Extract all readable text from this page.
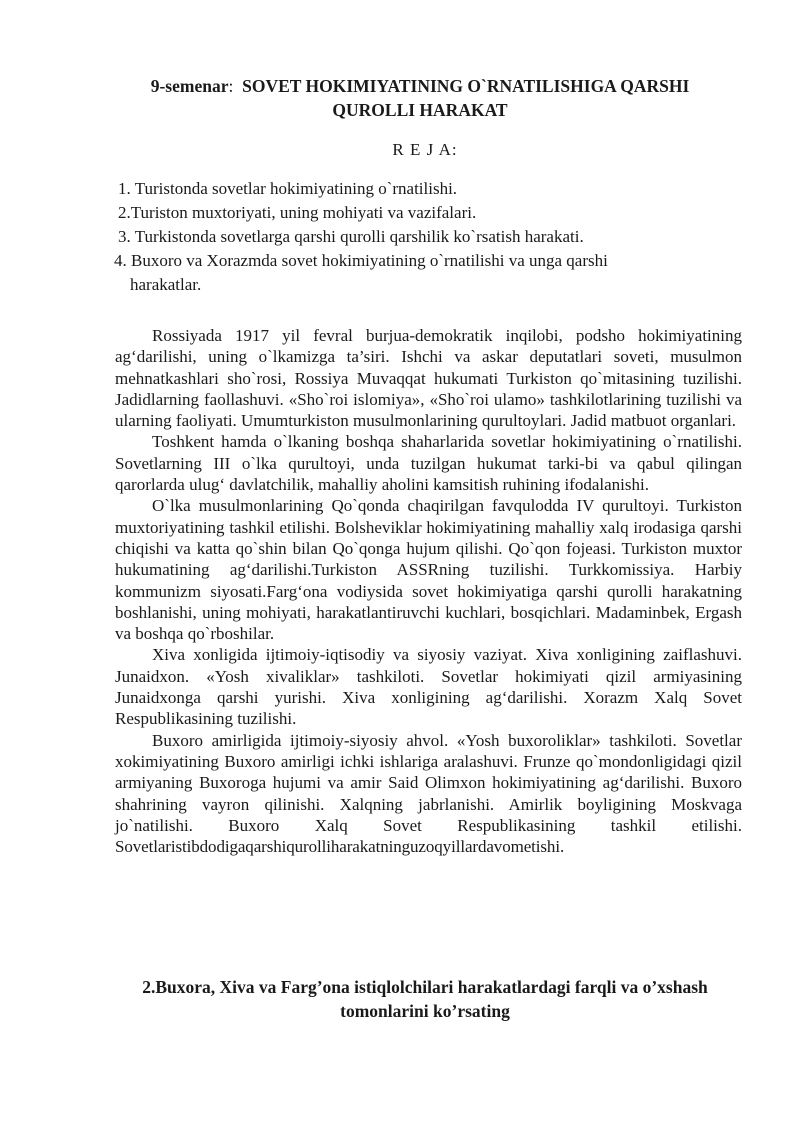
9-semenar: SOVET HOKIMIYATINING O`RNATILISHIGA QARSHI
QUROLLI HARAKAT
R E J A:
1. Turistonda sovetlar hokimiyatining o`rnatilishi.
2.Turiston muxtoriyati, uning mohiyati va vazifalari.
3. Turkistonda sovetlarga qarshi qurolli qarshilik ko`rsatish harakati.
4. Buxoro va Xorazmda sovet hokimiyatining o`rnatilishi va unga qarshi
harakatlar.

Rossiyada 1917 yil fevral burjua-demokratik inqilobi, podsho hokimiyatining ag‘darilishi, uning o`lkamizga ta’siri. Ishchi va askar deputatlari soveti, musulmon mehnatkashlari sho`rosi, Rossiya Muvaqqat hukumati Turkiston qo`mitasining tuzilishi. Jadidlarning faollashuvi. «Sho`roi islomiya», «Sho`roi ulamo» tashkilotlarining tuzilishi va ularning faoliyati. Umumturkiston musulmonlarining qurultoylari. Jadid matbuot organlari.

Toshkent hamda o`lkaning boshqa shaharlarida sovetlar hokimiyatining o`rnatilishi. Sovetlarning III o`lka qurultoyi, unda tuzilgan hukumat tarki-bi va qabul qilingan qarorlarda ulug‘ davlatchilik, mahalliy aholini kamsitish ruhining ifodalanishi.

O`lka musulmonlarining Qo`qonda chaqirilgan favqulodda IV qurultoyi. Turkiston muxtoriyatining tashkil etilishi. Bolsheviklar hokimiyatining mahalliy xalq irodasiga qarshi chiqishi va katta qo`shin bilan Qo`qonga hujum qilishi. Qo`qon fojeasi. Turkiston muxtor hukumatining ag‘darilishi.Turkiston ASSRning tuzilishi. Turkkomissiya. Harbiy kommunizm siyosati.Farg‘ona vodiysida sovet hokimiyatiga qarshi qurolli harakatning boshlanishi, uning mohiyati, harakatlantiruvchi kuchlari, bosqichlari. Madaminbek, Ergash va boshqa qo`rboshilar.

Xiva xonligida ijtimoiy-iqtisodiy va siyosiy vaziyat. Xiva xonligining zaiflashuvi. Junaidxon. «Yosh xivaliklar» tashkiloti. Sovetlar hokimiyati qizil armiyasining Junaidxonga qarshi yurishi. Xiva xonligining ag‘darilishi. Xorazm Xalq Sovet Respublikasining tuzilishi.

Buxoro amirligida ijtimoiy-siyosiy ahvol. «Yosh buxoroliklar» tashkiloti. Sovetlar xokimiyatining Buxoro amirligi ichki ishlariga aralashuvi. Frunze qo`mondonligidagi qizil armiyaning Buxoroga hujumi va amir Said Olimxon hokimiyatining ag‘darilishi. Buxoro shahrining vayron qilinishi. Xalqning jabrlanishi. Amirlik boyligining Moskvaga jo`natilishi. Buxoro Xalq Sovet Respublikasining tashkil etilishi.

Sovetlaristibdodigaqarshiqurolliharakatninguzoqyillardavometishi.

2.Buxora, Xiva va Farg’ona istiqlolchilari harakatlardagi farqli va o’xshash
tomonlarini ko’rsating
